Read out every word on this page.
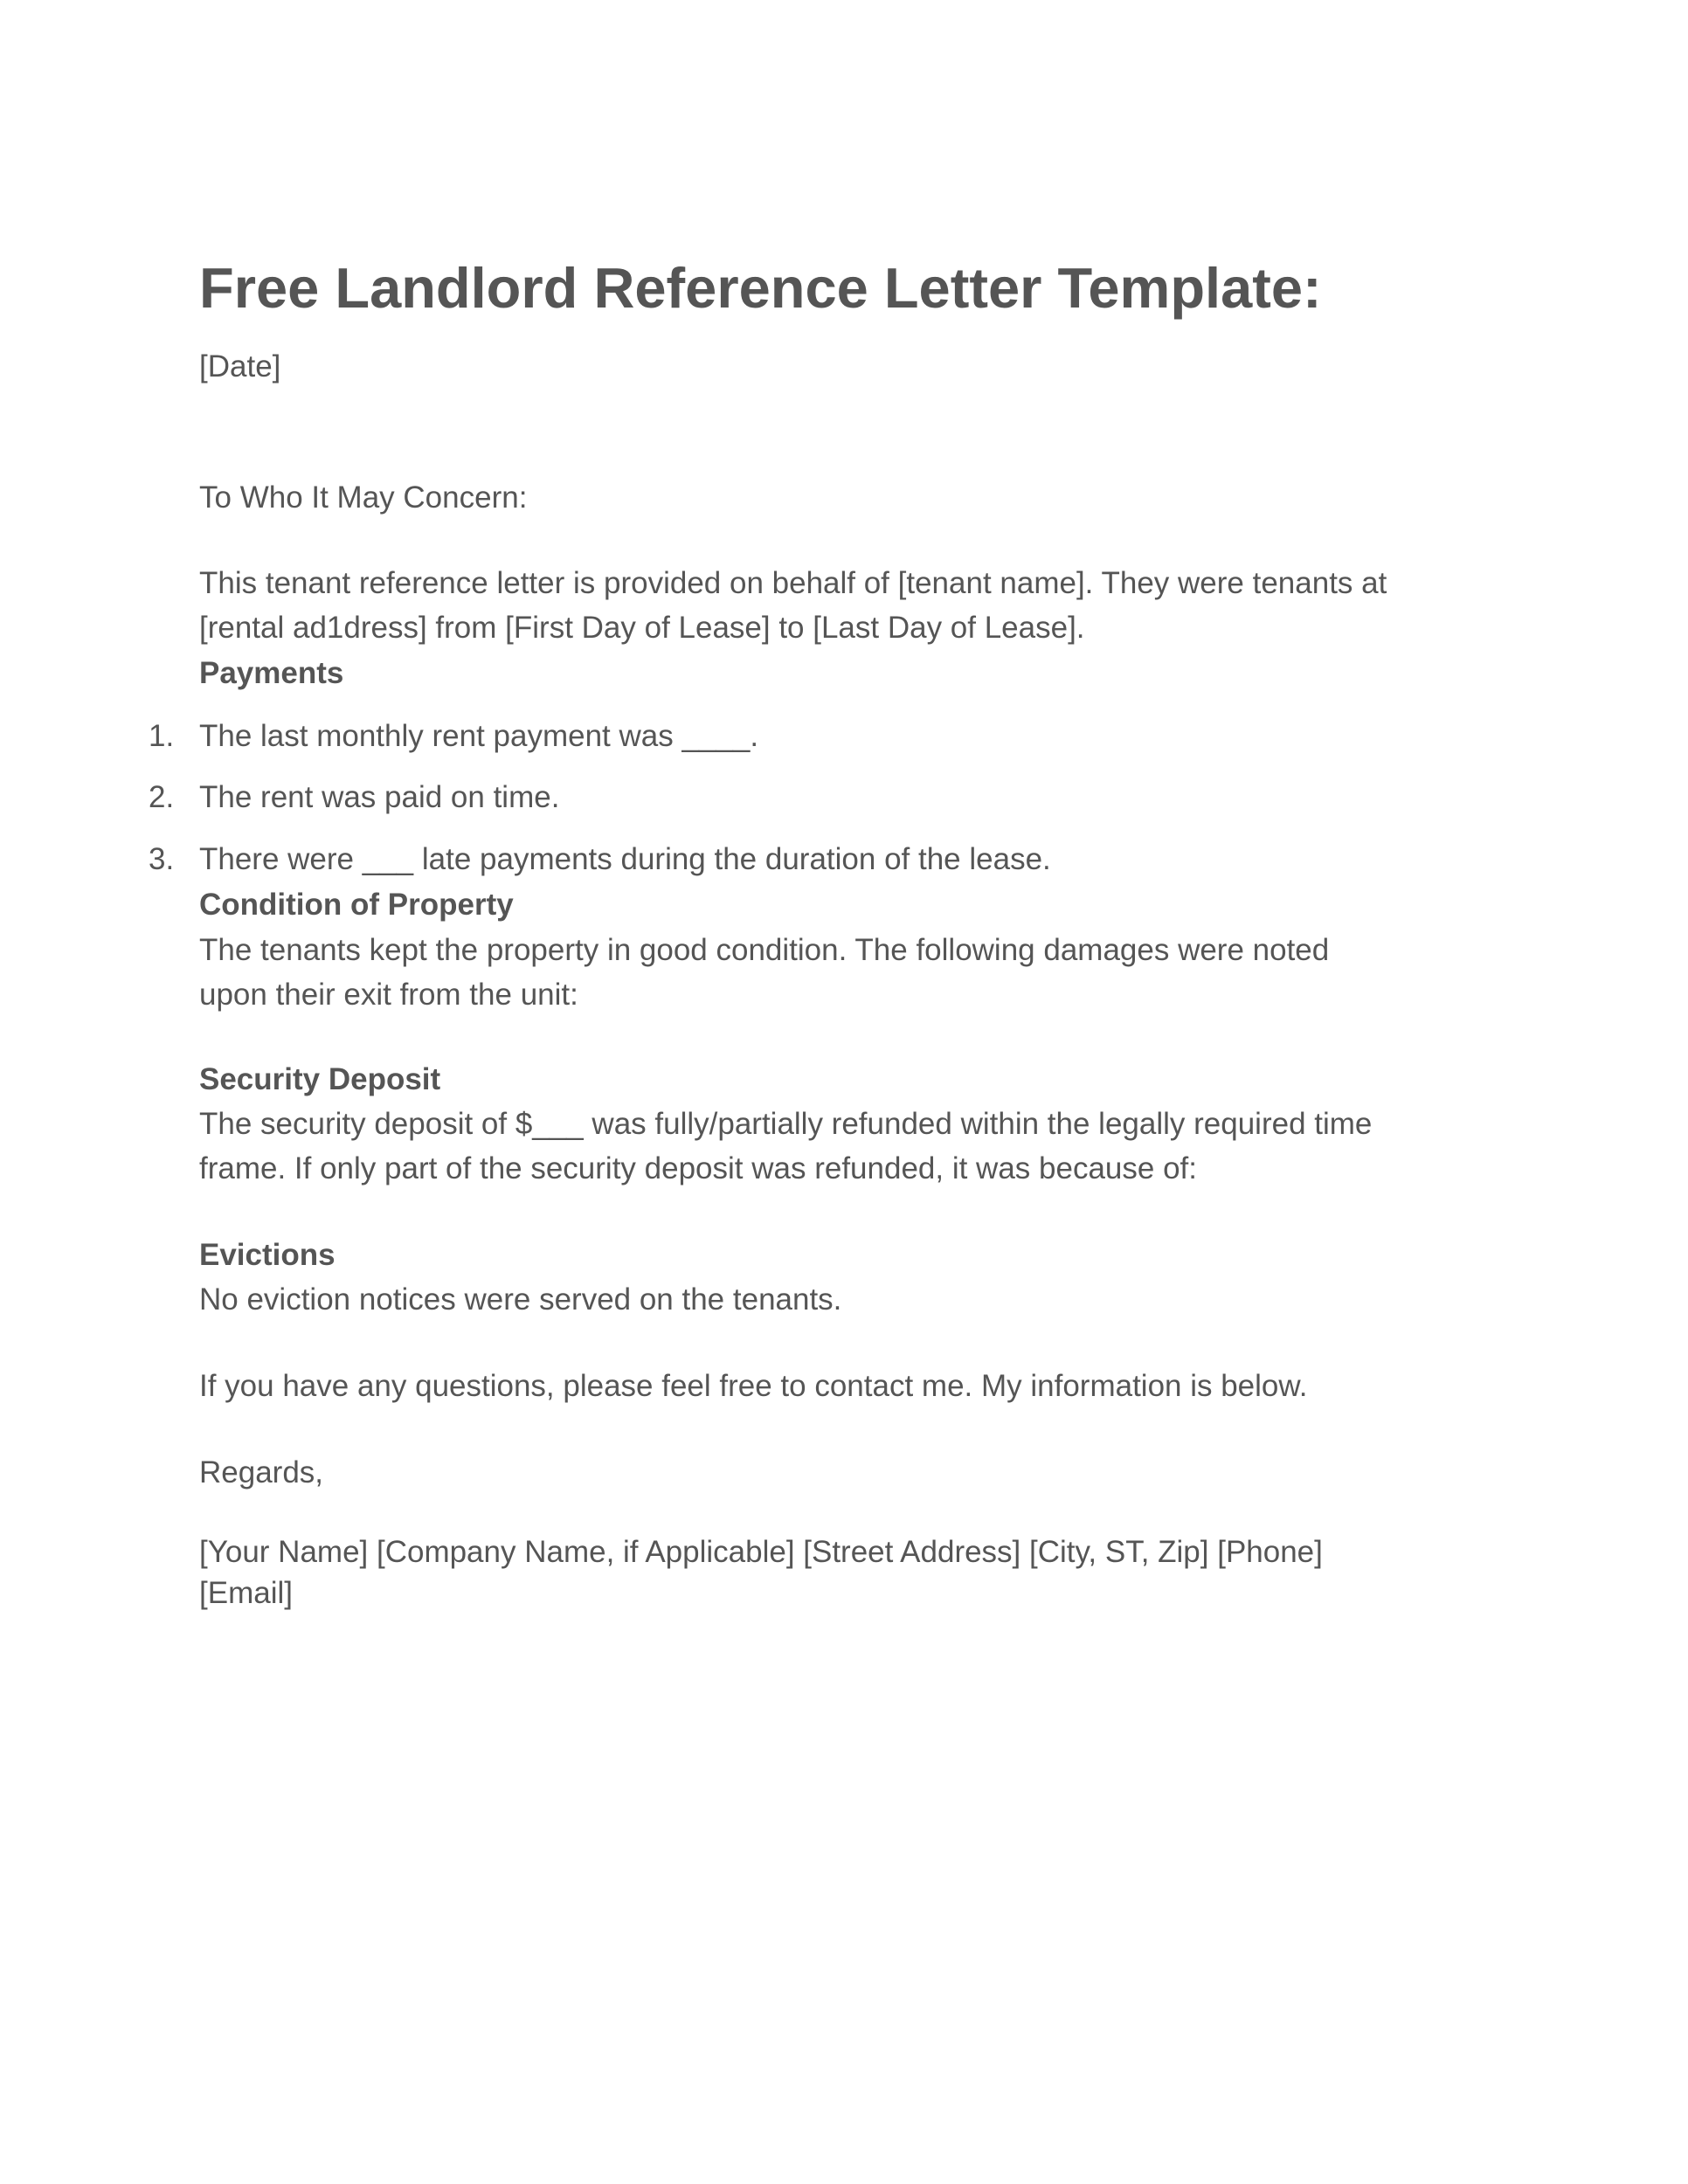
Free Landlord Reference Letter Template:
[Date]
To Who It May Concern:
This tenant reference letter is provided on behalf of [tenant name]. They were tenants at
[rental ad1dress] from [First Day of Lease] to [Last Day of Lease].
Payments
1. The last monthly rent payment was ____.
2. The rent was paid on time.
3. There were ___ late payments during the duration of the lease.
Condition of Property
The tenants kept the property in good condition. The following damages were noted
upon their exit from the unit:
Security Deposit
The security deposit of $___ was fully/partially refunded within the legally required time
frame. If only part of the security deposit was refunded, it was because of:
Evictions
No eviction notices were served on the tenants.
If you have any questions, please feel free to contact me. My information is below.
Regards,
[Your Name] [Company Name, if Applicable] [Street Address] [City, ST, Zip] [Phone]
[Email]
